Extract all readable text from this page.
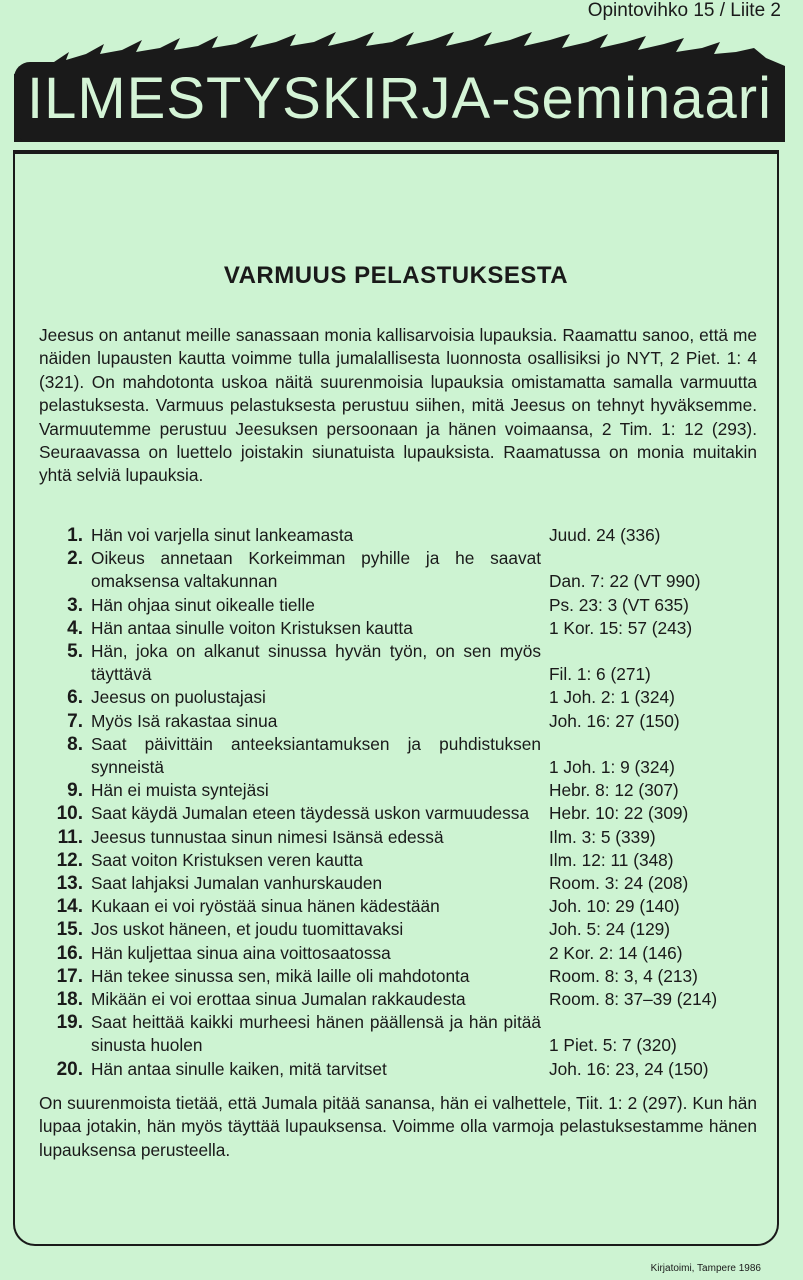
Opintovihko 15 / Liite 2
ILMESTYSKIRJA-seminaari
VARMUUS PELASTUKSESTA
Jeesus on antanut meille sanassaan monia kallisarvoisia lupauksia. Raamattu sanoo, että me näiden lupausten kautta voimme tulla jumalallisesta luonnosta osallisiksi jo NYT, 2 Piet. 1: 4 (321). On mahdotonta uskoa näitä suurenmoisia lupauksia omistamatta samalla varmuutta pelastuksesta. Varmuus pelastuksesta perustuu siihen, mitä Jeesus on tehnyt hyväksemme. Varmuutemme perustuu Jeesuksen persoonaan ja hänen voimaansa, 2 Tim. 1: 12 (293). Seuraavassa on luettelo joistakin siunatuista lupauksista. Raamatussa on monia muitakin yhtä selviä lupauksia.
1. Hän voi varjella sinut lankeamasta	Juud. 24 (336)
2. Oikeus annetaan Korkeimman pyhille ja he saavat omaksensa valtakunnan	Dan. 7: 22 (VT 990)
3. Hän ohjaa sinut oikealle tielle	Ps. 23: 3 (VT 635)
4. Hän antaa sinulle voiton Kristuksen kautta	1 Kor. 15: 57 (243)
5. Hän, joka on alkanut sinussa hyvän työn, on sen myös täyttävä	Fil. 1: 6 (271)
6. Jeesus on puolustajasi	1 Joh. 2: 1 (324)
7. Myös Isä rakastaa sinua	Joh. 16: 27 (150)
8. Saat päivittäin anteeksiantamuksen ja puhdistuksen synneistä	1 Joh. 1: 9 (324)
9. Hän ei muista syntejäsi	Hebr. 8: 12 (307)
10. Saat käydä Jumalan eteen täydessä uskon varmuudessa	Hebr. 10: 22 (309)
11. Jeesus tunnustaa sinun nimesi Isänsä edessä	Ilm. 3: 5 (339)
12. Saat voiton Kristuksen veren kautta	Ilm. 12: 11 (348)
13. Saat lahjaksi Jumalan vanhurskauden	Room. 3: 24 (208)
14. Kukaan ei voi ryöstää sinua hänen kädestään	Joh. 10: 29 (140)
15. Jos uskot häneen, et joudu tuomittavaksi	Joh. 5: 24 (129)
16. Hän kuljettaa sinua aina voittosaatossa	2 Kor. 2: 14 (146)
17. Hän tekee sinussa sen, mikä laille oli mahdotonta	Room. 8: 3, 4 (213)
18. Mikään ei voi erottaa sinua Jumalan rakkaudesta	Room. 8: 37–39 (214)
19. Saat heittää kaikki murheesi hänen päällensä ja hän pitää sinusta huolen	1 Piet. 5: 7 (320)
20. Hän antaa sinulle kaiken, mitä tarvitset	Joh. 16: 23, 24 (150)
On suurenmoista tietää, että Jumala pitää sanansa, hän ei valhettele, Tiit. 1: 2 (297). Kun hän lupaa jotakin, hän myös täyttää lupauksensa. Voimme olla varmoja pelastuksestamme hänen lupauksensa perusteella.
Kirjatoimi, Tampere 1986
